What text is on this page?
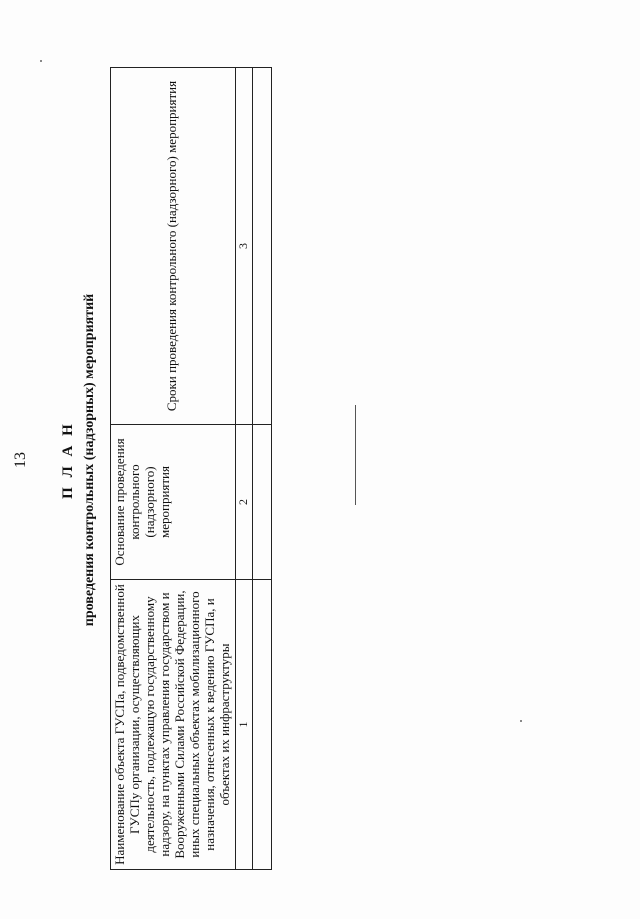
13 П Л А Н проведения контрольных (надзорных) мероприятий
Наименование объекта ГУСПа, подведомственной ГУСПу организации, осуществляющих деятельность, подлежащую государственному надзору, на пунктах управления государством и Вооруженными Силами Российской Федерации, иных специальных объектах мобилизационного назначения, отнесенных к ведению ГУСПа, и объектах их инфраструктуры	Основание проведения контрольного (надзорного) мероприятия	Сроки проведения контрольного (надзорного) мероприятия
1	2	3
